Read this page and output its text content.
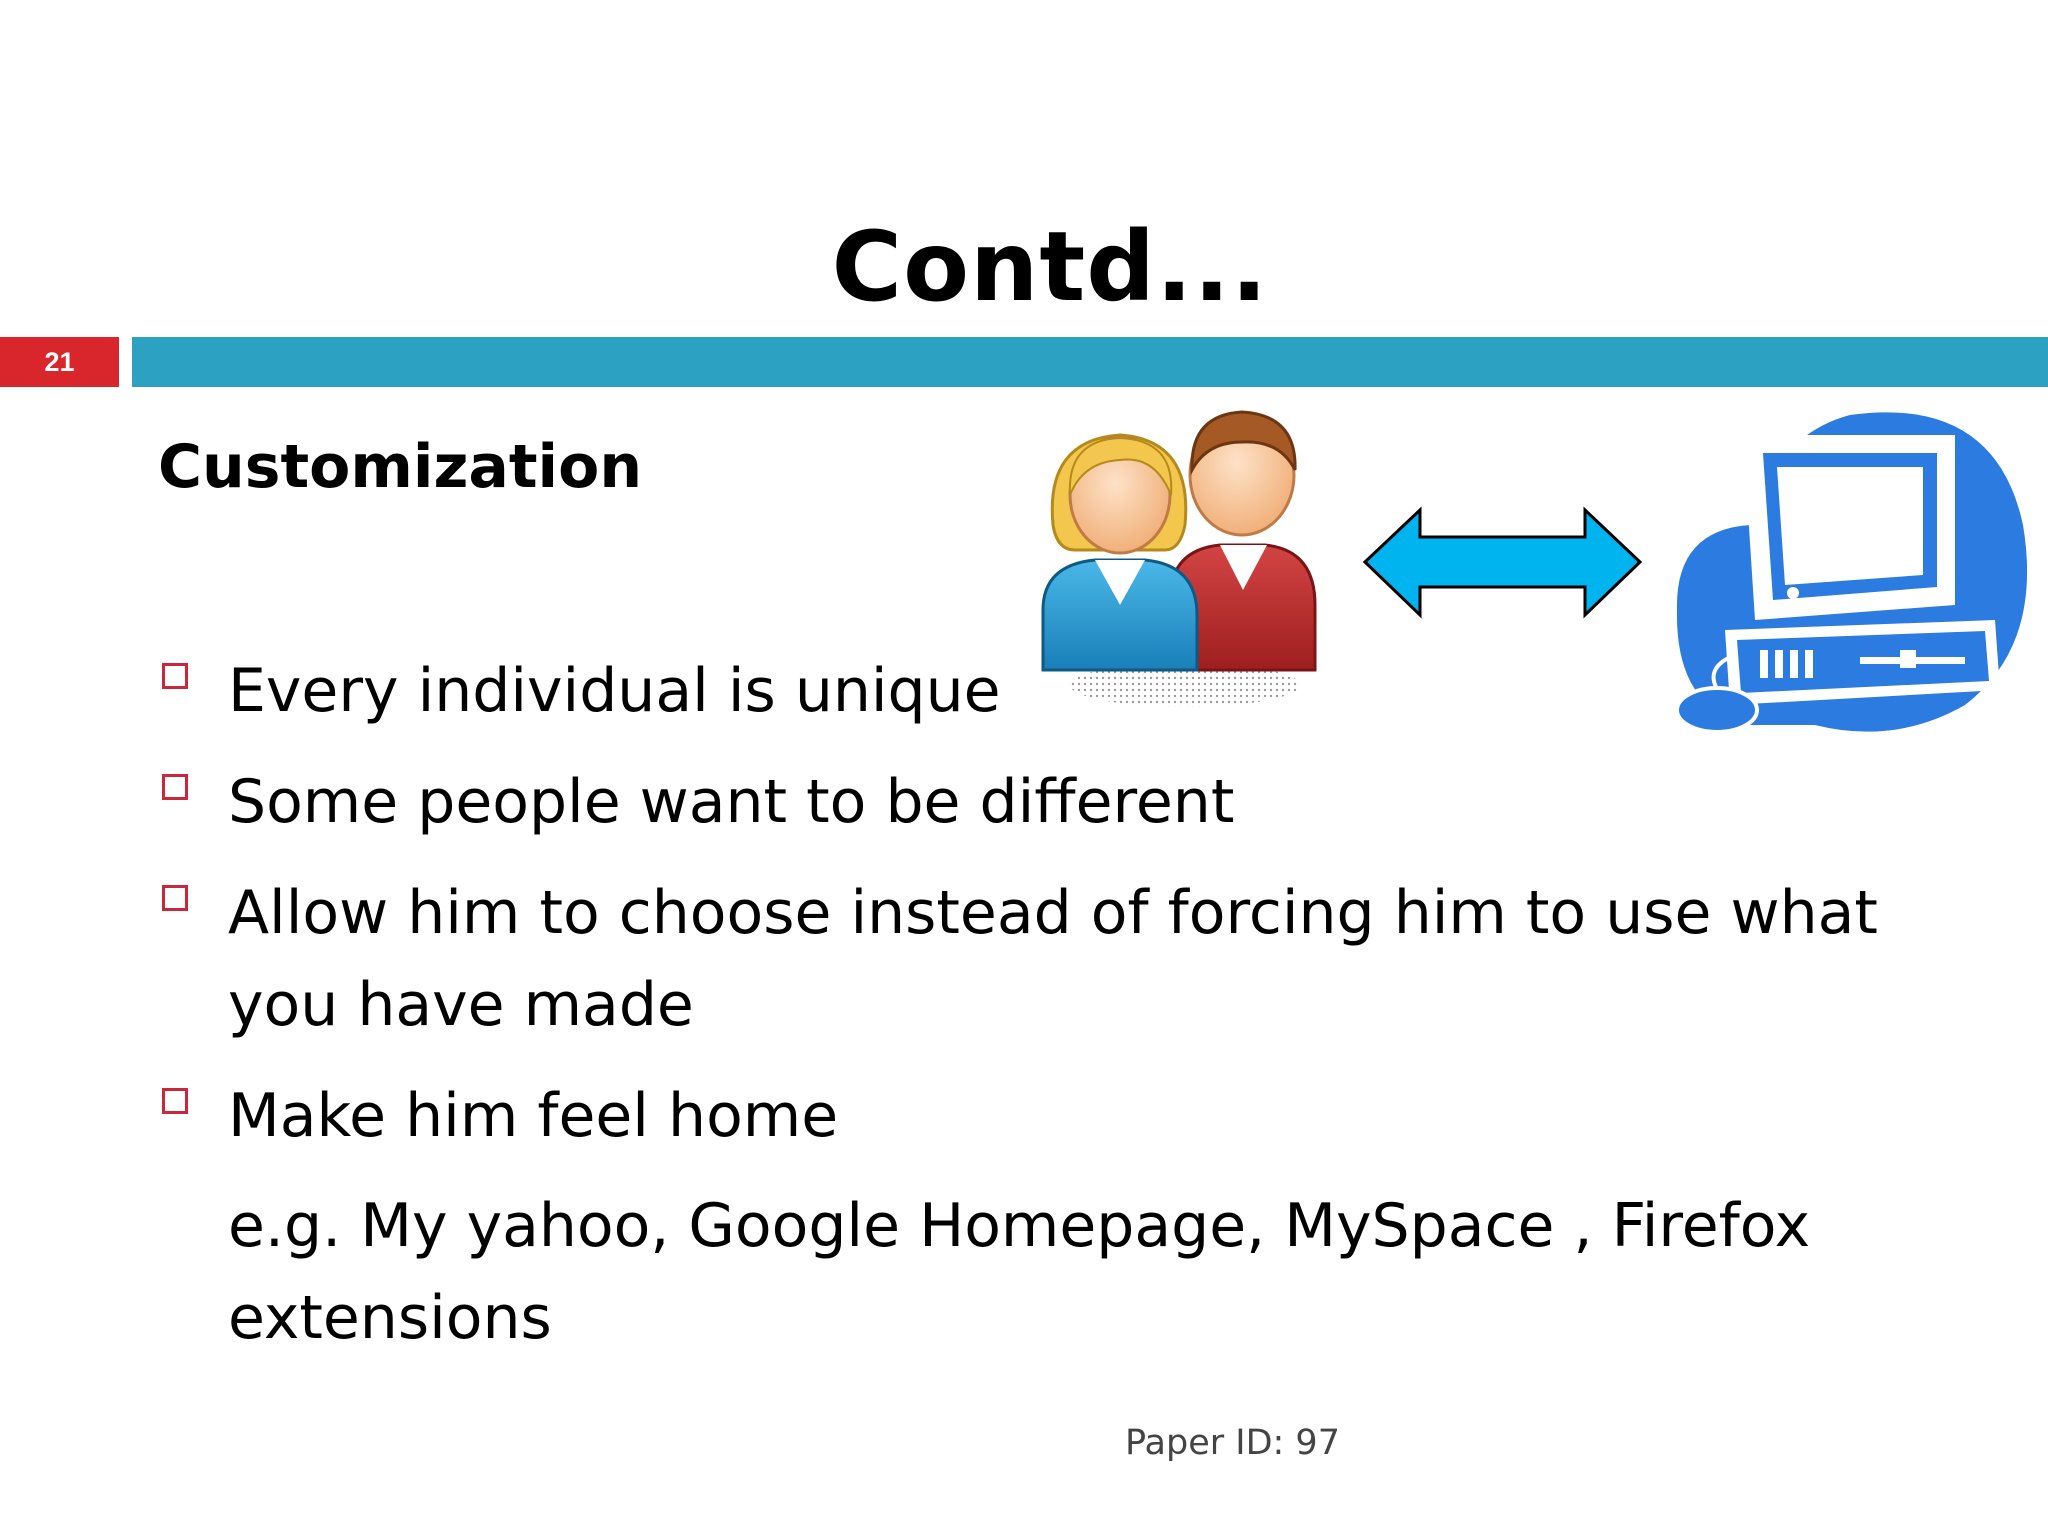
Contd...
21
Customization
Every individual is unique
Some people want to be different
Allow him to choose instead of forcing him to use what you have made
Make him feel home
e.g. My yahoo, Google Homepage, MySpace , Firefox extensions
Paper ID: 97
